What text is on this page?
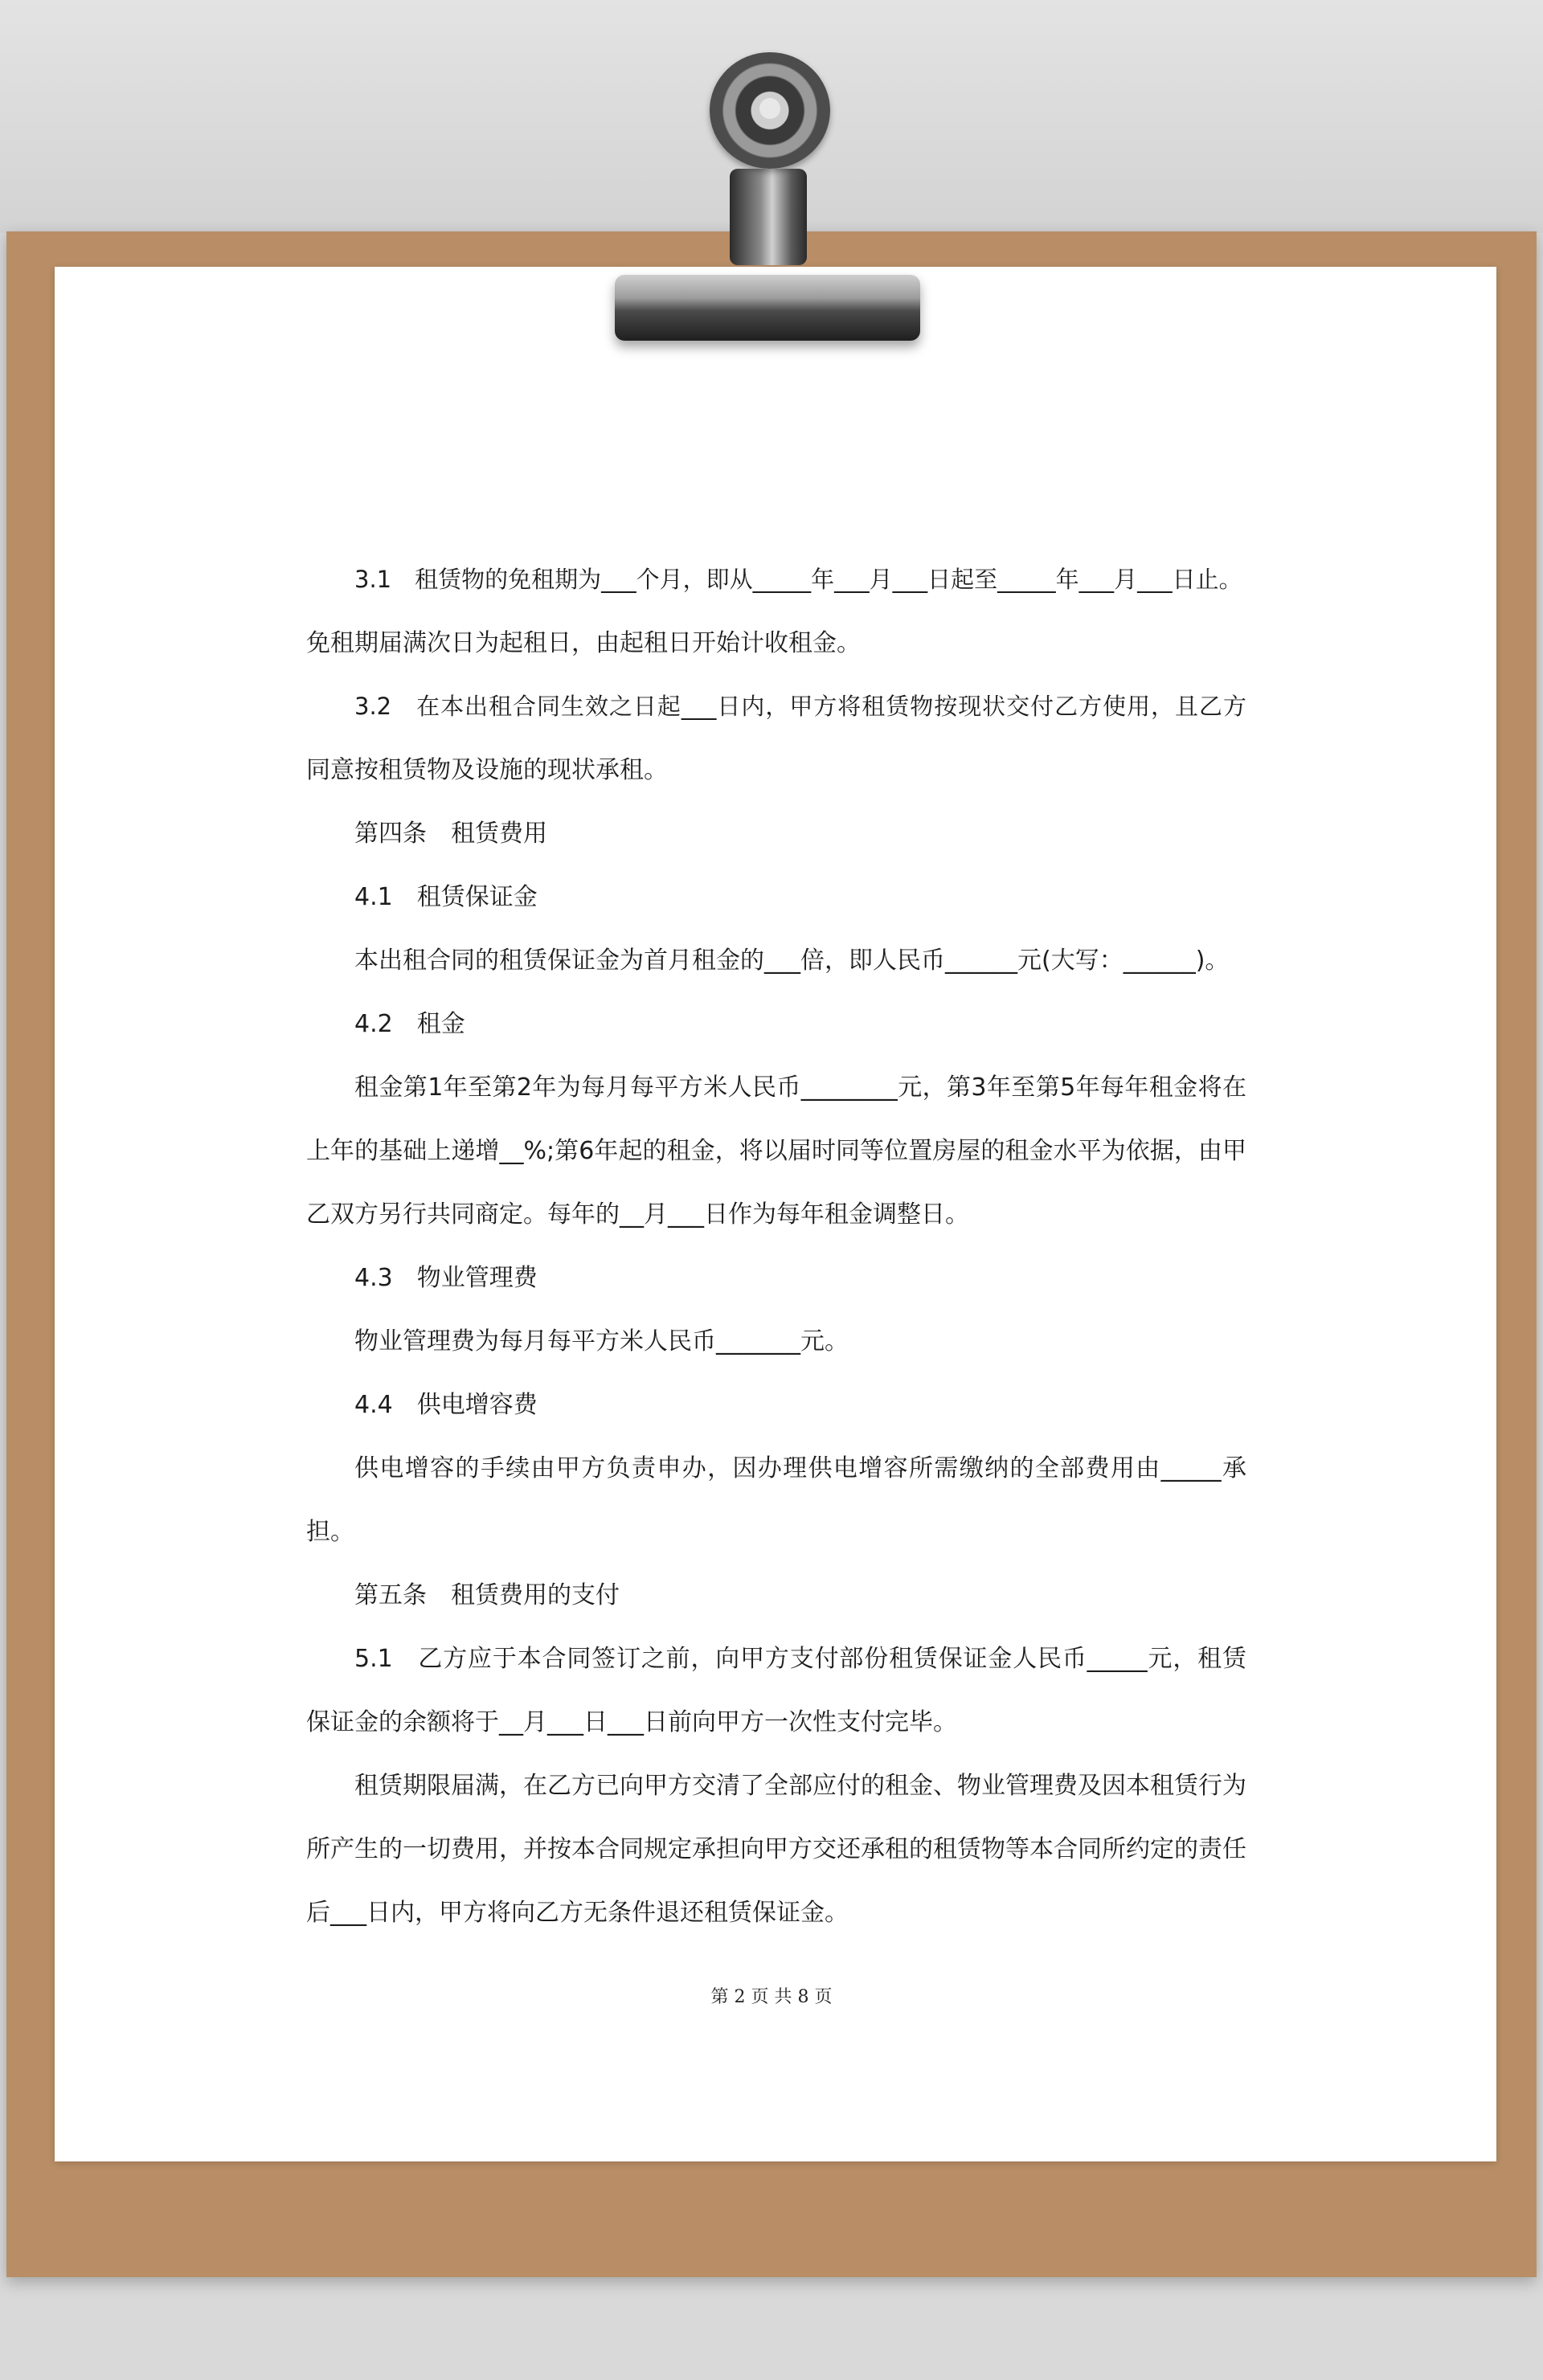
3.1　租赁物的免租期为___个月，即从_____年___月___日起至_____年___月___日止。
免租期届满次日为起租日，由起租日开始计收租金。
3.2　在本出租合同生效之日起___日内，甲方将租赁物按现状交付乙方使用，且乙方
同意按租赁物及设施的现状承租。
第四条　租赁费用
4.1　租赁保证金
本出租合同的租赁保证金为首月租金的___倍，即人民币______元(大写：______)。
4.2　租金
租金第1年至第2年为每月每平方米人民币________元，第3年至第5年每年租金将在
上年的基础上递增__%;第6年起的租金，将以届时同等位置房屋的租金水平为依据，由甲
乙双方另行共同商定。每年的__月___日作为每年租金调整日。
4.3　物业管理费
物业管理费为每月每平方米人民币_______元。
4.4　供电增容费
供电增容的手续由甲方负责申办，因办理供电增容所需缴纳的全部费用由_____承
担。
第五条　租赁费用的支付
5.1　乙方应于本合同签订之前，向甲方支付部份租赁保证金人民币_____元，租赁
保证金的余额将于__月___日___日前向甲方一次性支付完毕。
租赁期限届满，在乙方已向甲方交清了全部应付的租金、物业管理费及因本租赁行为
所产生的一切费用，并按本合同规定承担向甲方交还承租的租赁物等本合同所约定的责任
后___日内，甲方将向乙方无条件退还租赁保证金。
第 2 页 共 8 页
